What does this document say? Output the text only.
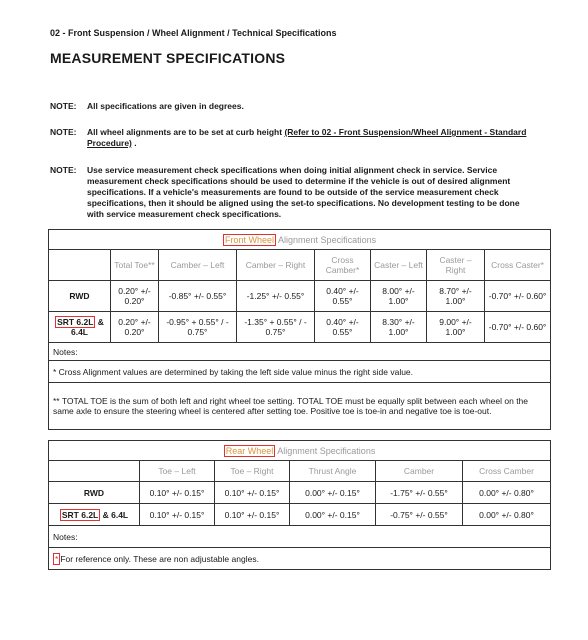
02 - Front Suspension / Wheel Alignment / Technical Specifications
MEASUREMENT SPECIFICATIONS
NOTE:	All specifications are given in degrees.
NOTE:	All wheel alignments are to be set at curb height (Refer to 02 - Front Suspension/Wheel Alignment - Standard Procedure) .
NOTE:	Use service measurement check specifications when doing initial alignment check in service. Service measurement check specifications should be used to determine if the vehicle is out of desired alignment specifications. If a vehicle's measurements are found to be outside of the service measurement check specifications, then it should be aligned using the set-to specifications. No development testing to be done with service measurement check specifications.
Front Wheel Alignment Specifications							
	Total Toe**	Camber – Left	Camber – Right	Cross Camber*	Caster – Left	Caster – Right	Cross Caster*
RWD	0.20° +/- 0.20°	-0.85° +/- 0.55°	-1.25° +/- 0.55°	0.40° +/- 0.55°	8.00° +/- 1.00°	8.70° +/- 1.00°	-0.70° +/- 0.60°
SRT 6.2L & 6.4L	0.20° +/- 0.20°	-0.95° + 0.55° / - 0.75°	-1.35° + 0.55° / - 0.75°	0.40° +/- 0.55°	8.30° +/- 1.00°	9.00° +/- 1.00°	-0.70° +/- 0.60°
Notes:							
* Cross Alignment values are determined by taking the left side value minus the right side value.							
** TOTAL TOE is the sum of both left and right wheel toe setting. TOTAL TOE must be equally split between each wheel on the same axle to ensure the steering wheel is centered after setting toe. Positive toe is toe-in and negative toe is toe-out.							
Rear Wheel Alignment Specifications					
	Toe – Left	Toe – Right	Thrust Angle	Camber	Cross Camber
RWD	0.10° +/- 0.15°	0.10° +/- 0.15°	0.00° +/- 0.15°	-1.75° +/- 0.55°	0.00° +/- 0.80°
SRT 6.2L & 6.4L	0.10° +/- 0.15°	0.10° +/- 0.15°	0.00° +/- 0.15°	-0.75° +/- 0.55°	0.00° +/- 0.80°
Notes:					
* For reference only. These are non adjustable angles.					
